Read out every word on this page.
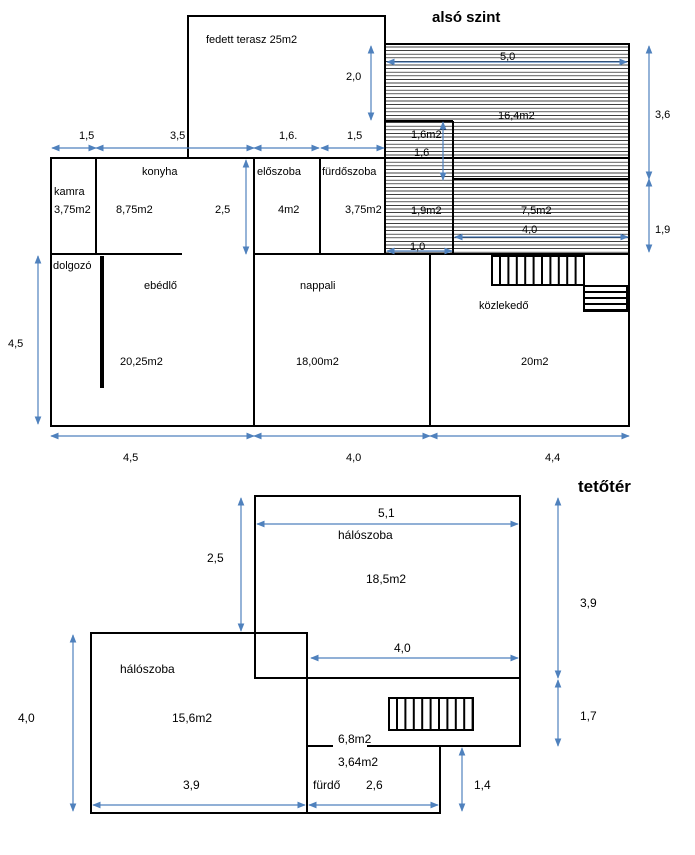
alsó szint
fedett terasz 25m2
konyha
8,75m2
kamra
3,75m2
előszoba
4m2
fürdőszoba
3,75m2
dolgozó
ebédlő
20,25m2
nappali
18,00m2
közlekedő
20m2
16,4m2
7,5m2
1,6m2
1,9m2
1,5	3,5	1,6.	1,5
2,0
5,0
3,6
1,9
2,5
1,6
4,0
1,0
4,5
4,5	4,0	4,4
tetőtér
hálószoba
18,5m2
hálószoba
15,6m2
6,8m2
3,64m2
fürdő
5,1
2,5
3,9
4,0
1,7
4,0
3,9	2,6	1,4
